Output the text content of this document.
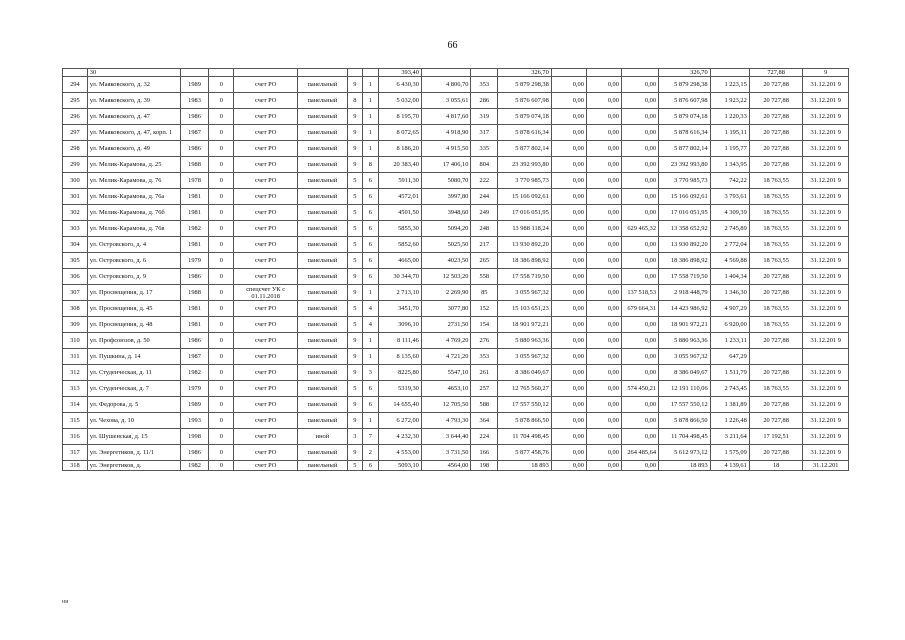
66
	30							393,40			326,70				326,70		727,88	9
294	ул. Маяковского, д. 32	1989	0	счет РО	панельный	9	1	6 430,30	4 806,70	353	5 879 298,38	0,00	0,00	0,00	5 879 298,38	1 223,15	20 727,88	31.12.201 9
295	ул. Маяковского, д. 39	1983	0	счет РО	панельный	8	1	5 032,00	3 055,61	286	5 876 607,98	0,00	0,00	0,00	5 876 607,98	1 923,22	20 727,88	31.12.201 9
296	ул. Маяковского, д. 47	1986	0	счет РО	панельный	9	1	8 195,70	4 817,60	319	5 879 074,18	0,00	0,00	0,00	5 879 074,18	1 220,33	20 727,88	31.12.201 9
297	ул. Маяковского, д. 47, корп. 1	1987	0	счет РО	панельный	9	1	8 072,65	4 918,90	317	5 878 616,34	0,00	0,00	0,00	5 878 616,34	1 195,11	20 727,88	31.12.201 9
298	ул. Маяковского, д. 49	1986	0	счет РО	панельный	9	1	8 186,20	4 915,50	335	5 877 802,14	0,00	0,00	0,00	5 877 802,14	1 195,77	20 727,88	31.12.201 9
299	ул. Мелик-Карамова, д. 25	1988	0	счет РО	панельный	9	8	20 383,40	17 406,10	804	23 392 993,80	0,00	0,00	0,00	23 392 993,80	1 343,95	20 727,88	31.12.201 9
300	ул. Мелик-Карамова, д. 76	1978	0	счет РО	панельный	5	6	5911,30	5080,70	222	3 770 985,73	0,00	0,00	0,00	3 770 985,73	742,22	18 763,55	31.12.201 9
301	ул. Мелик-Карамова, д. 76а	1981	0	счет РО	панельный	5	6	4572,01	3997,80	244	15 166 092,61	0,00	0,00	0,00	15 166 092,61	3 793,61	18 763,55	31.12.201 9
302	ул. Мелик-Карамова, д. 76б	1981	0	счет РО	панельный	5	6	4501,50	3948,60	249	17 016 051,95	0,00	0,00	0,00	17 016 051,95	4 309,39	18 763,55	31.12.201 9
303	ул. Мелик-Карамова, д. 76в	1982	0	счет РО	панельный	5	6	5855,30	5094,20	248	13 988 118,24	0,00	0,00	629 465,32	13 358 652,92	2 745,89	18 763,55	31.12.201 9
304	ул. Островского, д. 4	1981	0	счет РО	панельный	5	6	5852,60	5025,50	217	13 930 892,20	0,00	0,00	0,00	13 930 892,20	2 772,04	18 763,55	31.12.201 9
305	ул. Островского, д. 6	1979	0	счет РО	панельный	5	6	4665,00	4023,50	265	18 386 898,92	0,00	0,00	0,00	18 386 898,92	4 569,88	18 763,55	31.12.201 9
306	ул. Островского, д. 9	1986	0	счет РО	панельный	9	6	30 344,70	12 503,20	558	17 558 719,50	0,00	0,00	0,00	17 558 719,50	1 404,34	20 727,88	31.12.201 9
307	ул. Просвещения, д. 17	1988	0	спецсчет УК с 01.11.2018	панельный	9	1	2 713,10	2 269,90	85	3 055 967,32	0,00	0,00	137 518,53	2 918 448,79	1 346,30	20 727,88	31.12.201 9
308	ул. Просвещения, д. 45	1981	0	счет РО	панельный	5	4	3451,70	3077,80	152	15 103 651,23	0,00	0,00	679 664,31	14 423 986,92	4 907,29	18 763,55	31.12.201 9
309	ул. Просвещения, д. 48	1981	0	счет РО	панельный	5	4	3096,10	2731,50	154	18 901 972,21	0,00	0,00	0,00	18 901 972,21	6 920,00	18 763,55	31.12.201 9
310	ул. Профсоюзов, д. 50	1986	0	счет РО	панельный	9	1	8 111,46	4 769,20	276	5 880 963,36	0,00	0,00	0,00	5 880 963,36	1 233,11	20 727,88	31.12.201 9
311	ул. Пушкина, д. 14	1987	0	счет РО	панельный	9	1	8 135,60	4 721,20	353	3 055 967,32	0,00	0,00	0,00	3 055 967,32	647,29		
312	ул. Студенческая, д. 11	1982	0	счет РО	панельный	9	3	8225,80	5547,10	261	8 386 049,67	0,00	0,00	0,00	8 386 049,67	1 511,79	20 727,88	31.12.201 9
313	ул. Студенческая, д. 7	1979	0	счет РО	панельный	5	6	5319,30	4653,10	257	12 765 560,27	0,00	0,00	574 450,21	12 191 110,06	2 743,45	18 763,55	31.12.201 9
314	ул. Федорова, д. 5	1989	0	счет РО	панельный	9	6	14 655,40	12 705,50	588	17 557 550,12	0,00	0,00	0,00	17 557 550,12	1 381,89	20 727,88	31.12.201 9
315	ул. Чехова, д. 10	1993	0	счет РО	панельный	9	1	6 272,00	4 793,30	364	5 878 866,50	0,00	0,00	0,00	5 878 866,50	1 226,48	20 727,88	31.12.201 9
316	ул. Шушенская, д. 15	1998	0	счет РО	иной	3	7	4 232,30	3 644,40	224	11 704 498,45	0,00	0,00	0,00	11 704 498,45	3 211,64	17 192,51	31.12.201 9
317	ул. Энергетиков, д. 11/1	1986	0	счет РО	панельный	9	2	4 553,00	3 731,50	166	5 877 458,76	0,00	0,00	264 485,64	5 612 973,12	1 575,09	20 727,88	31.12.201 9
318	ул. Энергетиков, д.	1982	0	счет РО	панельный	5	6	5093,10	4564,00	198	18 893	0,00	0,00	0,00	18 893	4 139,61	18	31.12.201
нн
